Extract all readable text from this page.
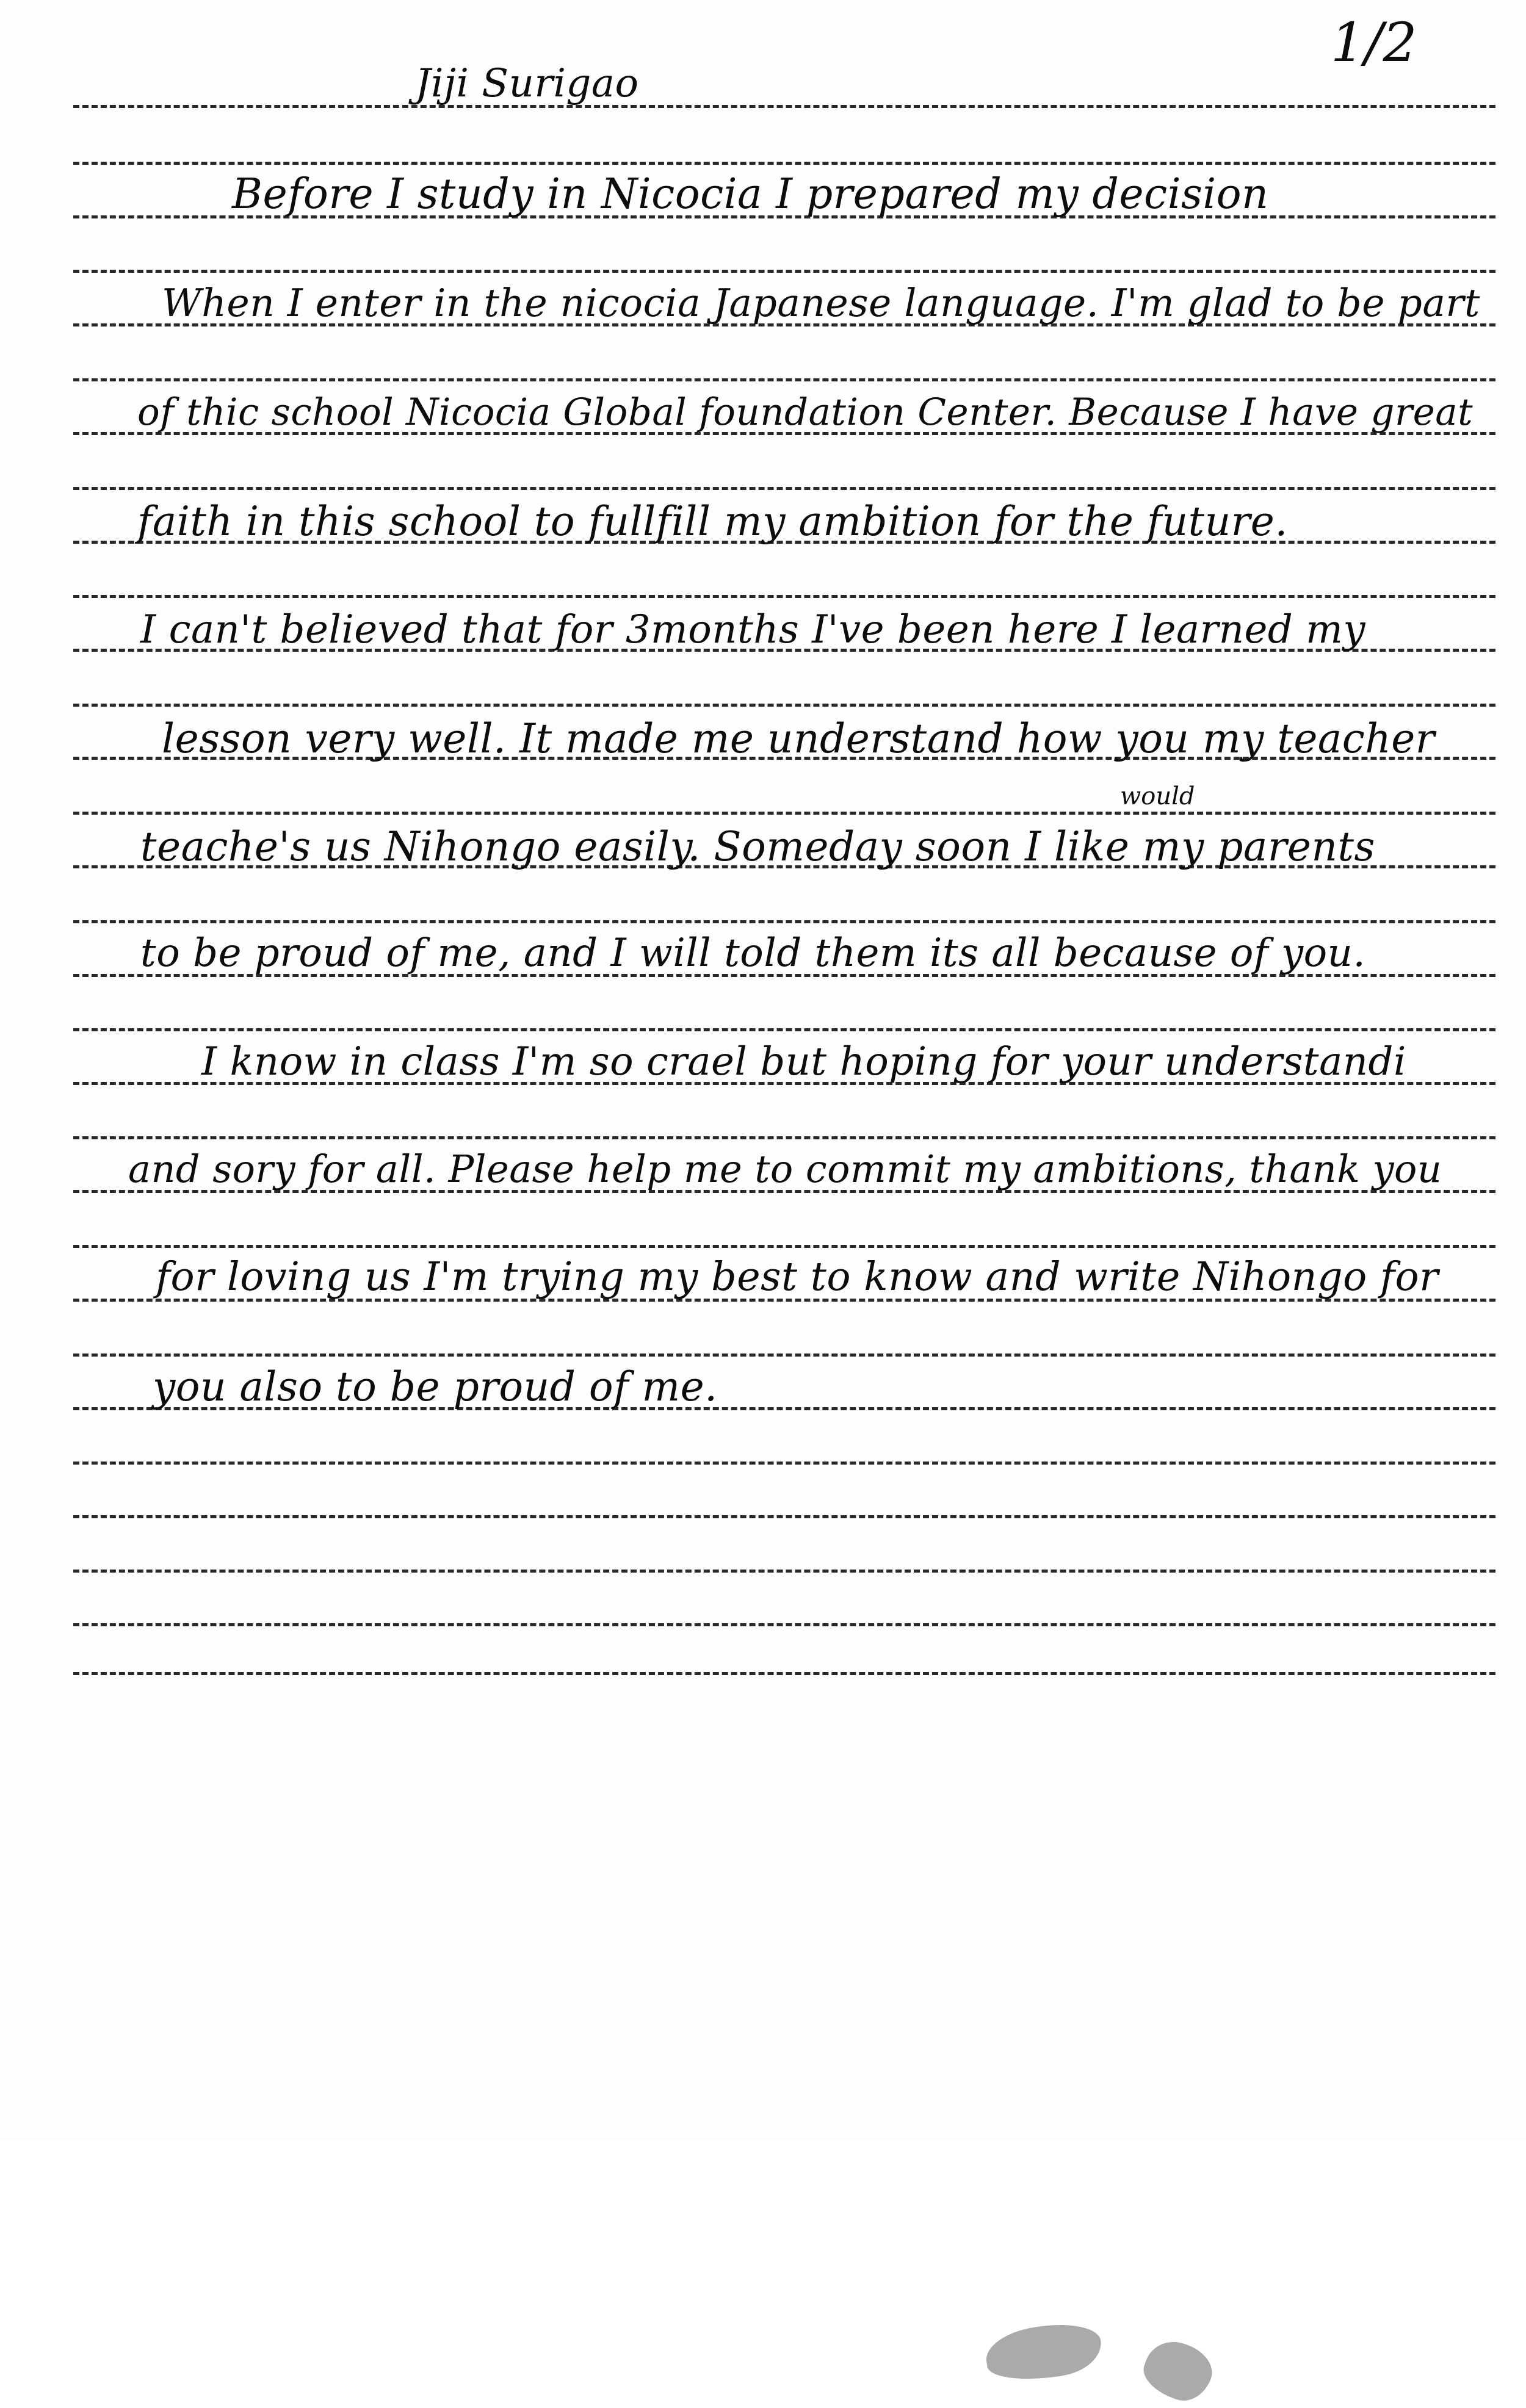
1/2
Jiji Surigao
Before I study in Nicocia I prepared my decision
When I enter in the nicocia Japanese language. I'm glad to be part
of thic school Nicocia Global foundation Center. Because I have great
faith in this school to fullfill my ambition for the future.
I can't believed that for 3months I've been here I learned my
lesson very well. It made me understand how you my teacher
would
teache's us Nihongo easily. Someday soon I like my parents
to be proud of me, and I will told them its all because of you.
I know in class I'm so crael but hoping for your understandi
and sory for all. Please help me to commit my ambitions, thank you
for loving us I'm trying my best to know and write Nihongo for
you also to be proud of me.
